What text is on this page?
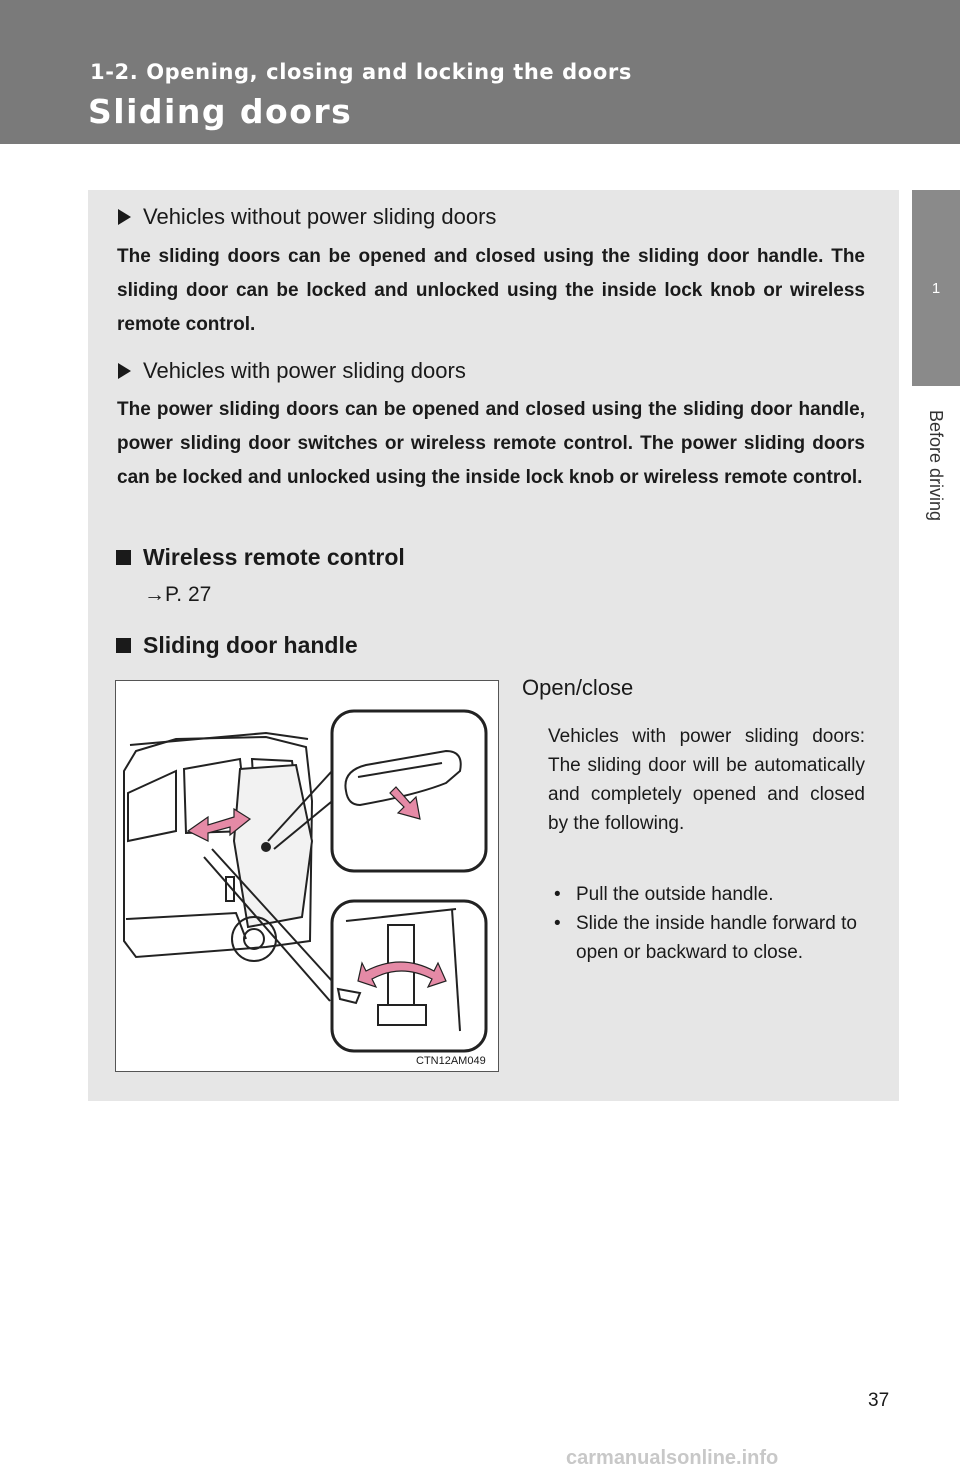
1-2. Opening, closing and locking the doors
Sliding doors
1
Before driving
Vehicles without power sliding doors

The sliding doors can be opened and closed using the sliding door handle. The sliding door can be locked and unlocked using the inside lock knob or wireless remote control.

Vehicles with power sliding doors

The power sliding doors can be opened and closed using the sliding door handle, power sliding door switches or wireless remote control. The power sliding doors can be locked and unlocked using the inside lock knob or wireless remote control.

Wireless remote control
→P. 27
Sliding door handle
CTN12AM049
Open/close

Vehicles with power sliding doors: The sliding door will be automatically and completely opened and closed by the following.

• Pull the outside handle.
• Slide the inside handle forward to open or backward to close.
37
carmanualsonline.info
